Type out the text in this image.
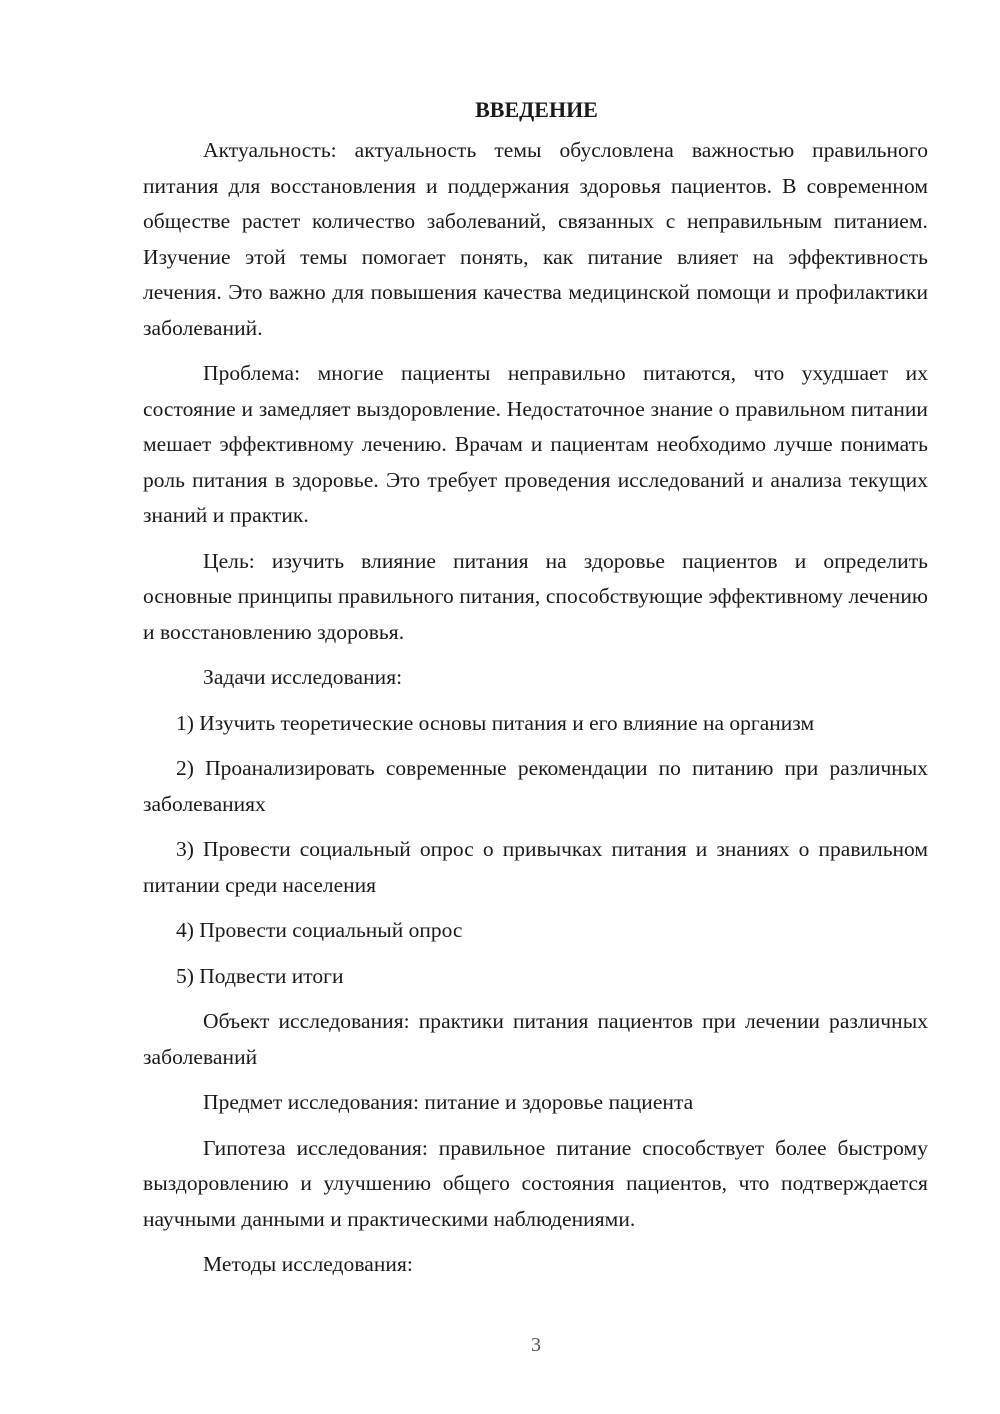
ВВЕДЕНИЕ

Актуальность: актуальность темы обусловлена важностью правильного питания для восстановления и поддержания здоровья пациентов. В современном обществе растет количество заболеваний, связанных с неправильным питанием. Изучение этой темы помогает понять, как питание влияет на эффективность лечения. Это важно для повышения качества медицинской помощи и профилактики заболеваний.

Проблема: многие пациенты неправильно питаются, что ухудшает их состояние и замедляет выздоровление. Недостаточное знание о правильном питании мешает эффективному лечению. Врачам и пациентам необходимо лучше понимать роль питания в здоровье. Это требует проведения исследований и анализа текущих знаний и практик.

Цель: изучить влияние питания на здоровье пациентов и определить основные принципы правильного питания, способствующие эффективному лечению и восстановлению здоровья.

Задачи исследования:

1) Изучить теоретические основы питания и его влияние на организм

2) Проанализировать современные рекомендации по питанию при различных заболеваниях

3) Провести социальный опрос о привычках питания и знаниях о правильном питании среди населения

4) Провести социальный опрос

5) Подвести итоги

Объект исследования: практики питания пациентов при лечении различных заболеваний

Предмет исследования: питание и здоровье пациента

Гипотеза исследования: правильное питание способствует более быстрому выздоровлению и улучшению общего состояния пациентов, что подтверждается научными данными и практическими наблюдениями.

Методы исследования:

3
